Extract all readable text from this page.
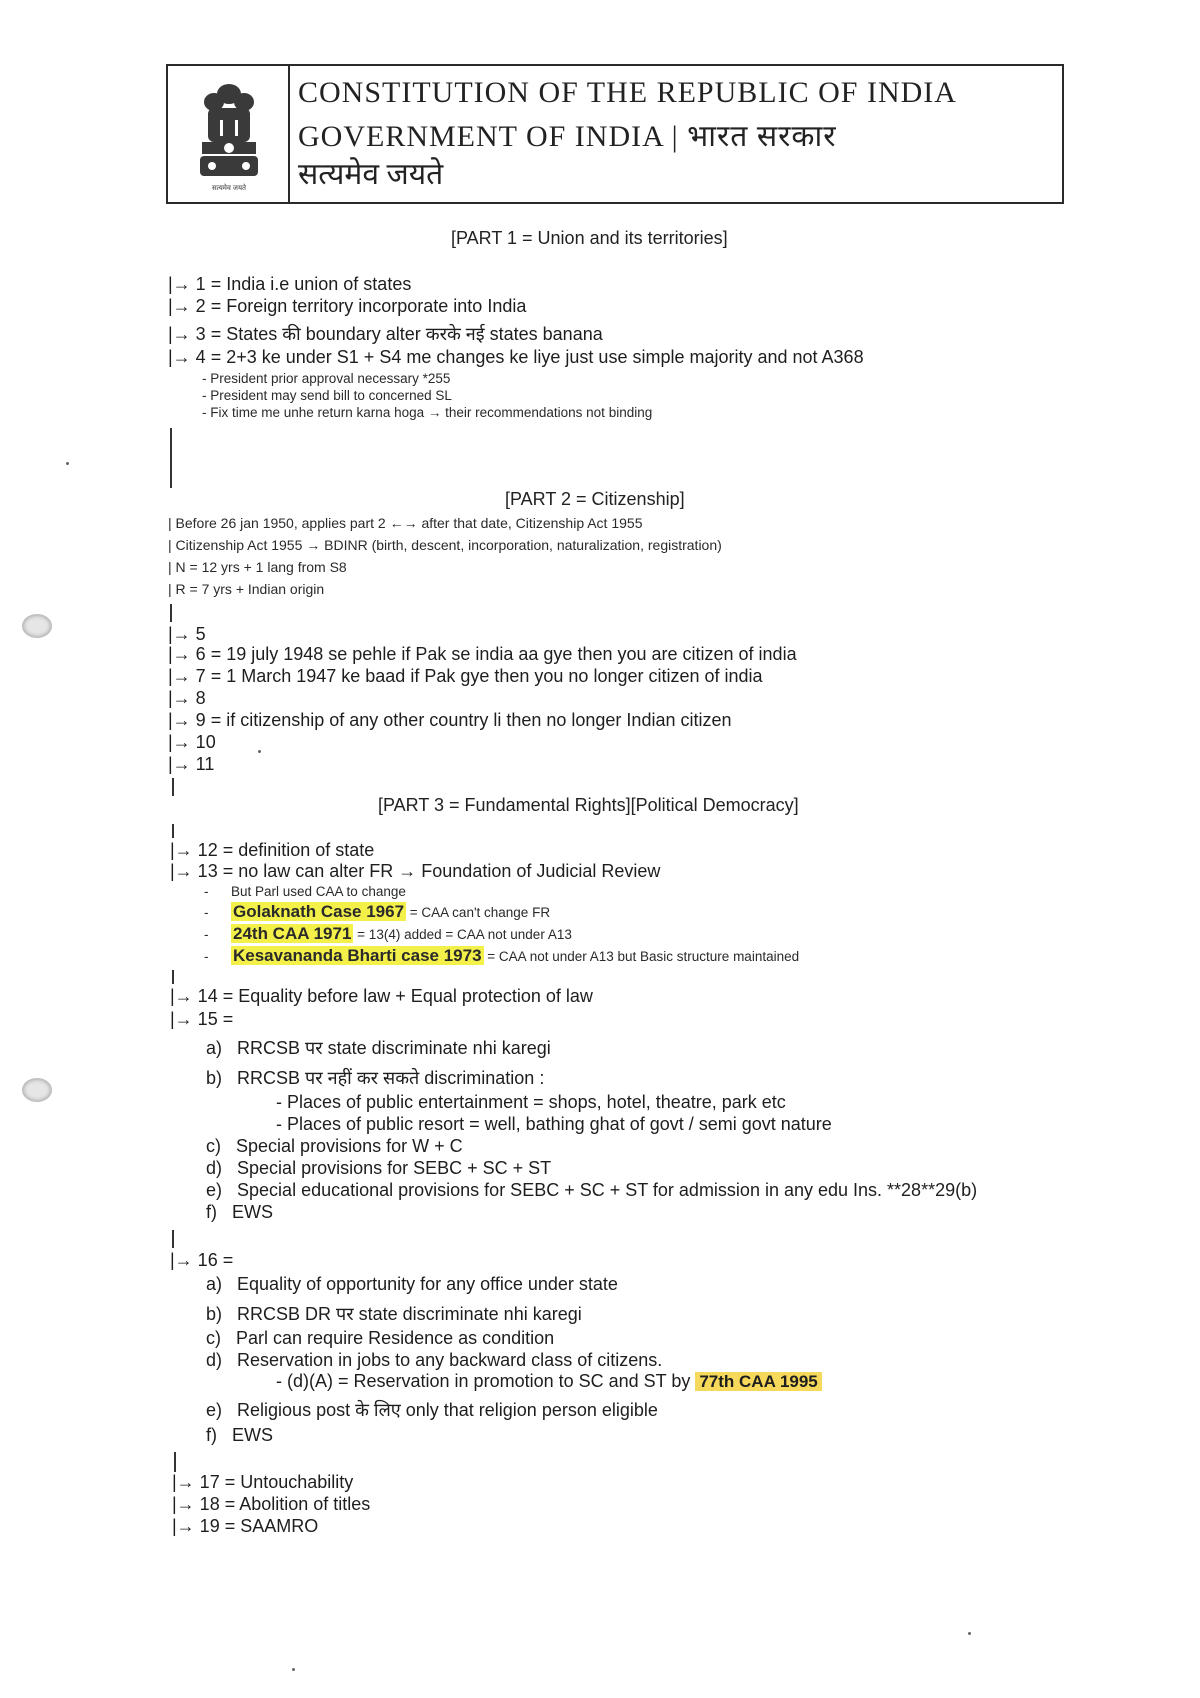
सत्यमेव जयते
CONSTITUTION OF THE REPUBLIC OF INDIA
GOVERNMENT OF INDIA | भारत सरकार
सत्यमेव जयते
[PART 1 = Union and its territories]
|→ 1 = India i.e union of states
|→ 2 = Foreign territory incorporate into India
|→ 3 = States की boundary alter करके नई states banana
|→ 4 = 2+3 ke under S1 + S4 me changes ke liye just use simple majority and not A368
- President prior approval necessary *255
- President may send bill to concerned SL
- Fix time me unhe return karna hoga → their recommendations not binding
[PART 2 = Citizenship]
| Before 26 jan 1950, applies part 2 ←→ after that date, Citizenship Act 1955
| Citizenship Act 1955 → BDINR (birth, descent, incorporation, naturalization, registration)
| N = 12 yrs + 1 lang from S8
| R = 7 yrs + Indian origin
|→ 5
|→ 6 = 19 july 1948 se pehle if Pak se india aa gye then you are citizen of india
|→ 7 = 1 March 1947 ke baad if Pak gye then you no longer citizen of india
|→ 8
|→ 9 = if citizenship of any other country li then no longer Indian citizen
|→ 10
|→ 11
[PART 3 = Fundamental Rights][Political Democracy]
|→ 12 = definition of state
|→ 13 = no law can alter FR → Foundation of Judicial Review
-      But Parl used CAA to change
-      Golaknath Case 1967 = CAA can't change FR
-      24th CAA 1971 = 13(4) added = CAA not under A13
-      Kesavananda Bharti case 1973 = CAA not under A13 but Basic structure maintained
|→ 14 = Equality before law + Equal protection of law
|→ 15 =
a) RRCSB पर state discriminate nhi karegi
b) RRCSB पर नहीं कर सकते discrimination :
- Places of public entertainment = shops, hotel, theatre, park etc
- Places of public resort = well, bathing ghat of govt / semi govt nature
c) Special provisions for W + C
d) Special provisions for SEBC + SC + ST
e) Special educational provisions for SEBC + SC + ST for admission in any edu Ins. **28**29(b)
f) EWS
|→ 16 =
a) Equality of opportunity for any office under state
b) RRCSB DR पर state discriminate nhi karegi
c) Parl can require Residence as condition
d) Reservation in jobs to any backward class of citizens.
- (d)(A) = Reservation in promotion to SC and ST by 77th CAA 1995
e) Religious post के लिए only that religion person eligible
f) EWS
|→ 17 = Untouchability
|→ 18 = Abolition of titles
|→ 19 = SAAMRO
